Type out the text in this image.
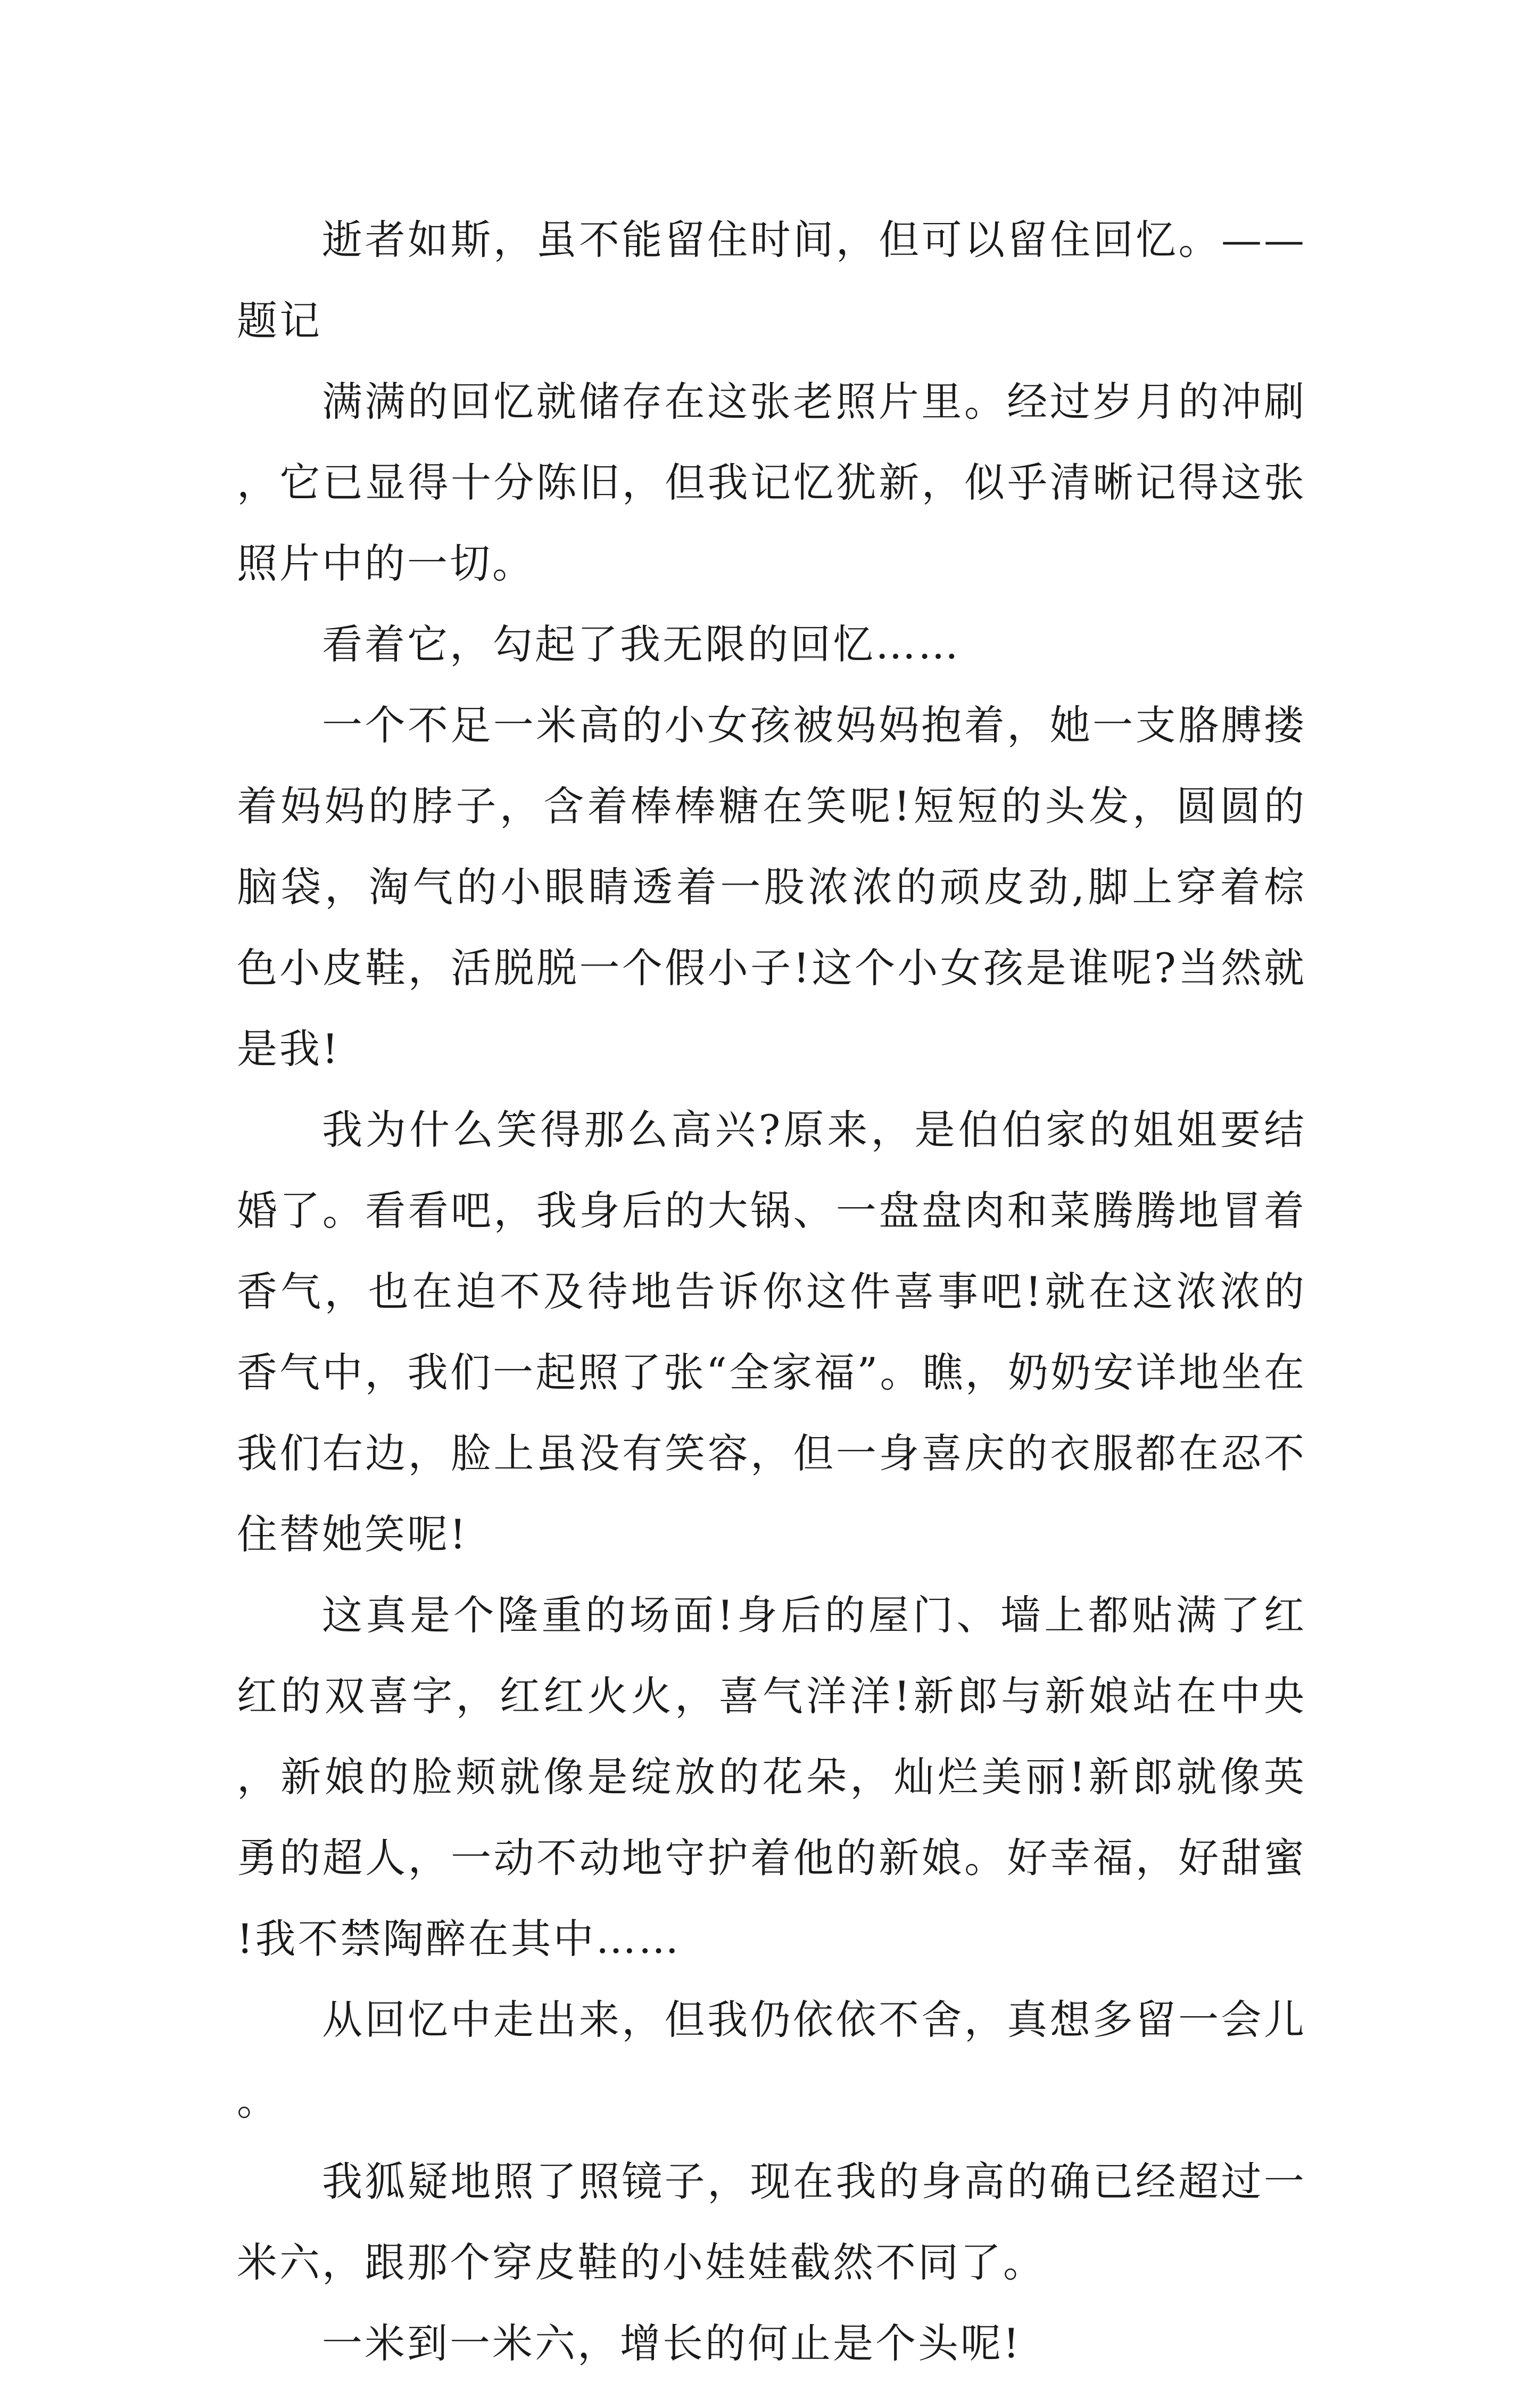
逝者如斯，虽不能留住时间，但可以留住回忆。——题记

满满的回忆就储存在这张老照片里。经过岁月的冲刷，它已显得十分陈旧，但我记忆犹新，似乎清晰记得这张照片中的一切。

看着它，勾起了我无限的回忆……

一个不足一米高的小女孩被妈妈抱着，她一支胳膊搂着妈妈的脖子，含着棒棒糖在笑呢!短短的头发，圆圆的脑袋，淘气的小眼睛透着一股浓浓的顽皮劲,脚上穿着棕色小皮鞋，活脱脱一个假小子!这个小女孩是谁呢?当然就是我!

我为什么笑得那么高兴?原来，是伯伯家的姐姐要结婚了。看看吧，我身后的大锅、一盘盘肉和菜腾腾地冒着香气，也在迫不及待地告诉你这件喜事吧!就在这浓浓的香气中，我们一起照了张“全家福”。瞧，奶奶安详地坐在我们右边，脸上虽没有笑容，但一身喜庆的衣服都在忍不住替她笑呢!

这真是个隆重的场面!身后的屋门、墙上都贴满了红红的双喜字，红红火火，喜气洋洋!新郎与新娘站在中央，新娘的脸颊就像是绽放的花朵，灿烂美丽!新郎就像英勇的超人，一动不动地守护着他的新娘。好幸福，好甜蜜!我不禁陶醉在其中……

从回忆中走出来，但我仍依依不舍，真想多留一会儿。

我狐疑地照了照镜子，现在我的身高的确已经超过一米六，跟那个穿皮鞋的小娃娃截然不同了。

一米到一米六，增长的何止是个头呢!
